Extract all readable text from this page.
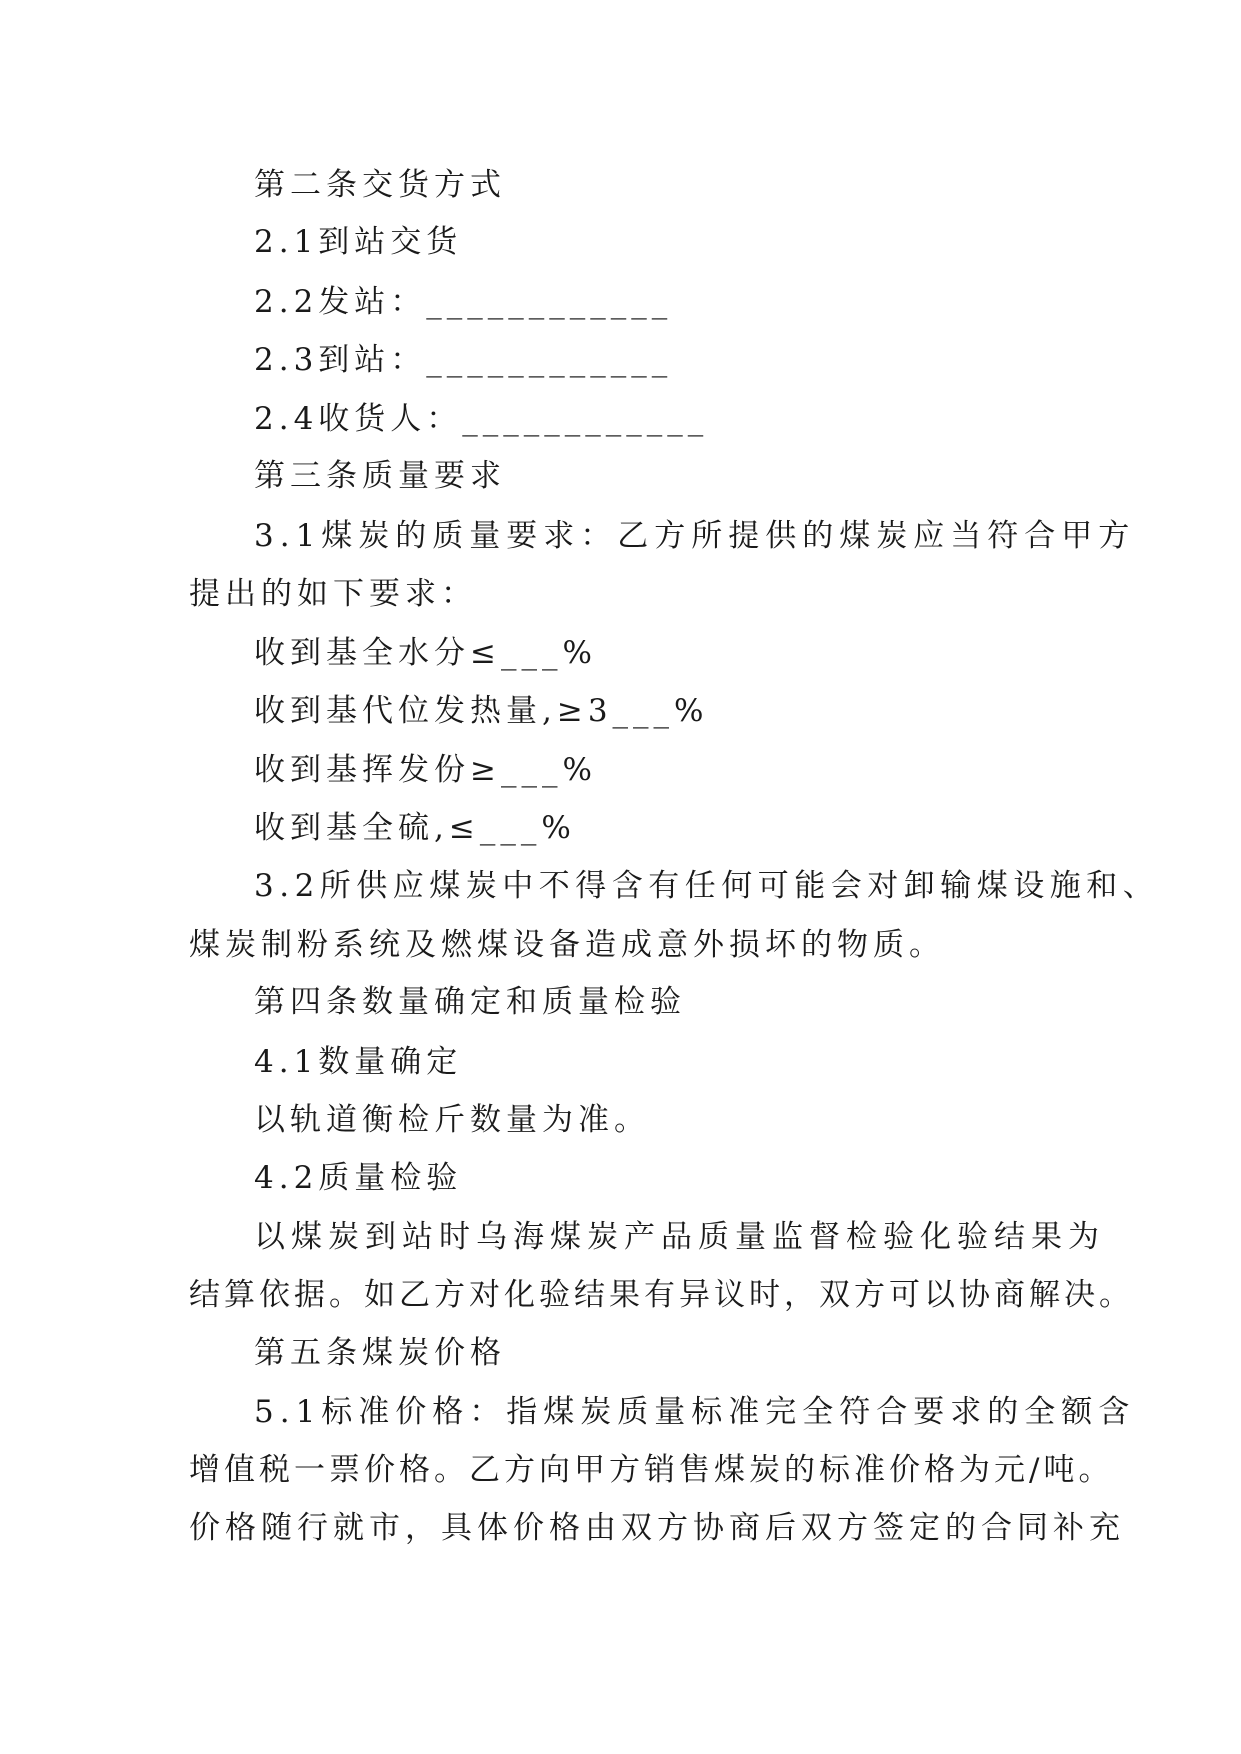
第二条交货方式
2.1到站交货
2.2发站：____________
2.3到站：____________
2.4收货人：____________
第三条质量要求
3.1煤炭的质量要求：乙方所提供的煤炭应当符合甲方
提出的如下要求：
收到基全水分≤___%
收到基代位发热量,≥3___%
收到基挥发份≥___%
收到基全硫,≤___%
3.2所供应煤炭中不得含有任何可能会对卸输煤设施和、
煤炭制粉系统及燃煤设备造成意外损坏的物质。
第四条数量确定和质量检验
4.1数量确定
以轨道衡检斤数量为准。
4.2质量检验
以煤炭到站时乌海煤炭产品质量监督检验化验结果为
结算依据。如乙方对化验结果有异议时，双方可以协商解决。
第五条煤炭价格
5.1标准价格：指煤炭质量标准完全符合要求的全额含
增值税一票价格。乙方向甲方销售煤炭的标准价格为元/吨。
价格随行就市，具体价格由双方协商后双方签定的合同补充
